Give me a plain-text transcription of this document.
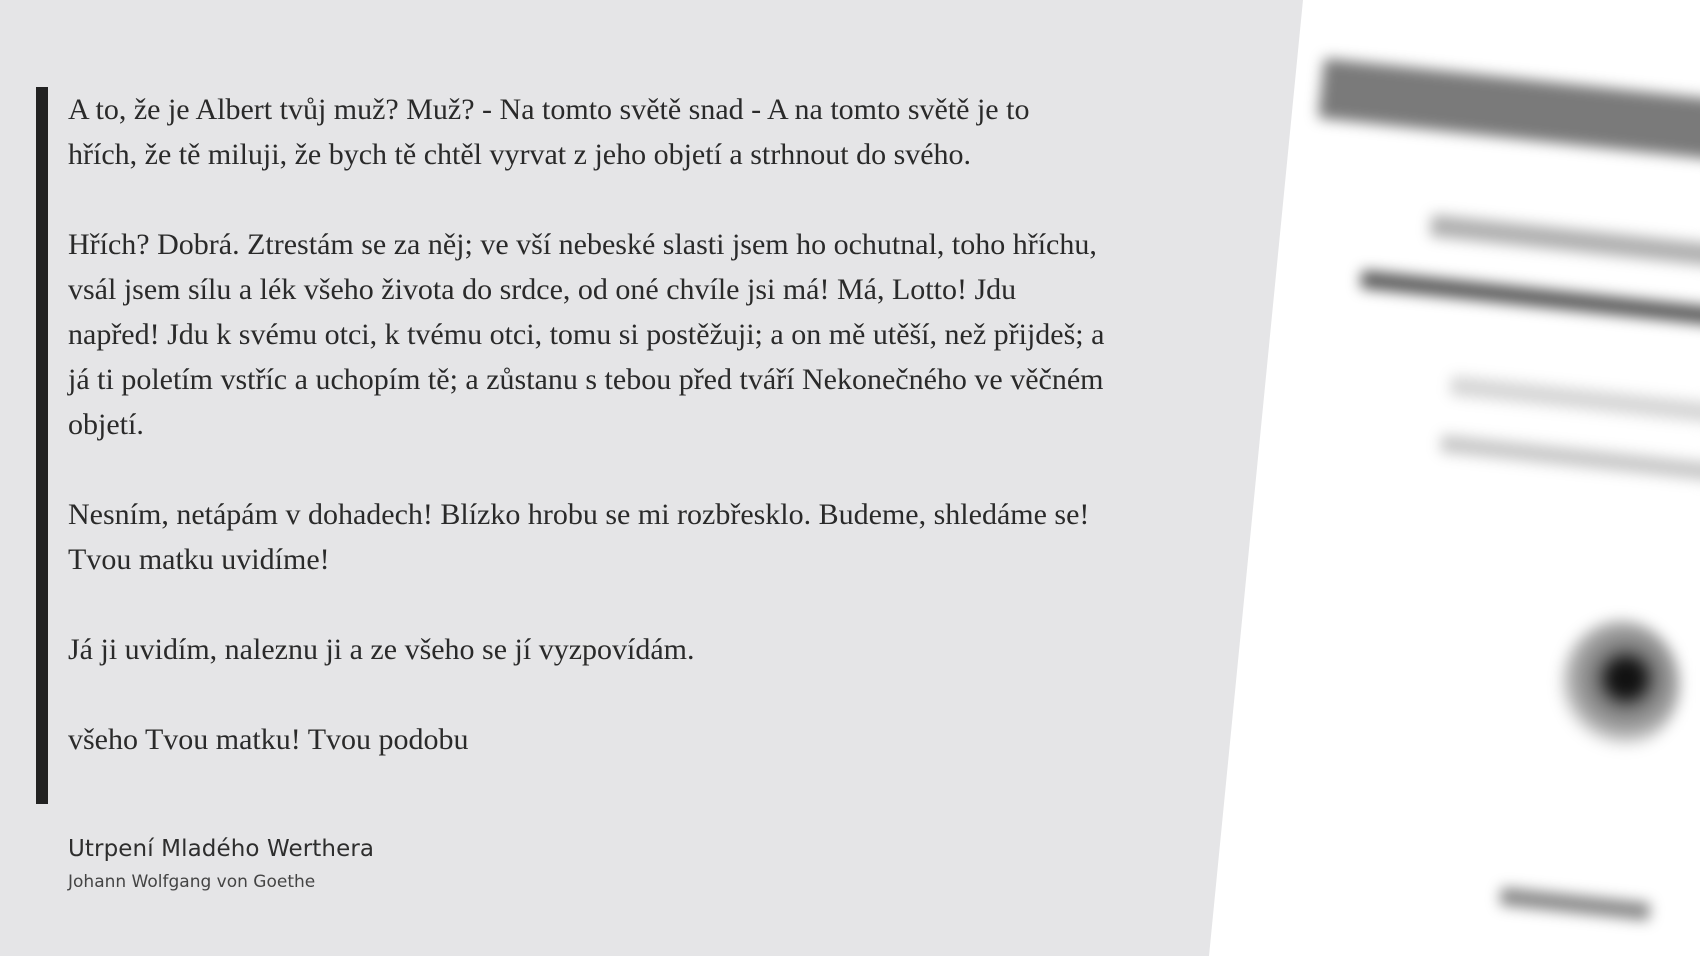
A to, že je Albert tvůj muž? Muž? - Na tomto světě snad - A na tomto světě je to hřích, že tě miluji, že bych tě chtěl vyrvat z jeho objetí a strhnout do svého.

Hřích? Dobrá. Ztrestám se za něj; ve vší nebeské slasti jsem ho ochutnal, toho hříchu, vsál jsem sílu a lék všeho života do srdce, od oné chvíle jsi má! Má, Lotto! Jdu napřed! Jdu k svému otci, k tvému otci, tomu si postěžuji; a on mě utěší, než přijdeš; a já ti poletím vstříc a uchopím tě; a zůstanu s tebou před tváří Nekonečného ve věčném objetí.

Nesním, netápám v dohadech! Blízko hrobu se mi rozbřesklo. Budeme, shledáme se! Tvou matku uvidíme!

Já ji uvidím, naleznu ji a ze všeho se jí vyzpovídám.

všeho Tvou matku! Tvou podobu

Utrpení Mladého Werthera
Johann Wolfgang von Goethe
